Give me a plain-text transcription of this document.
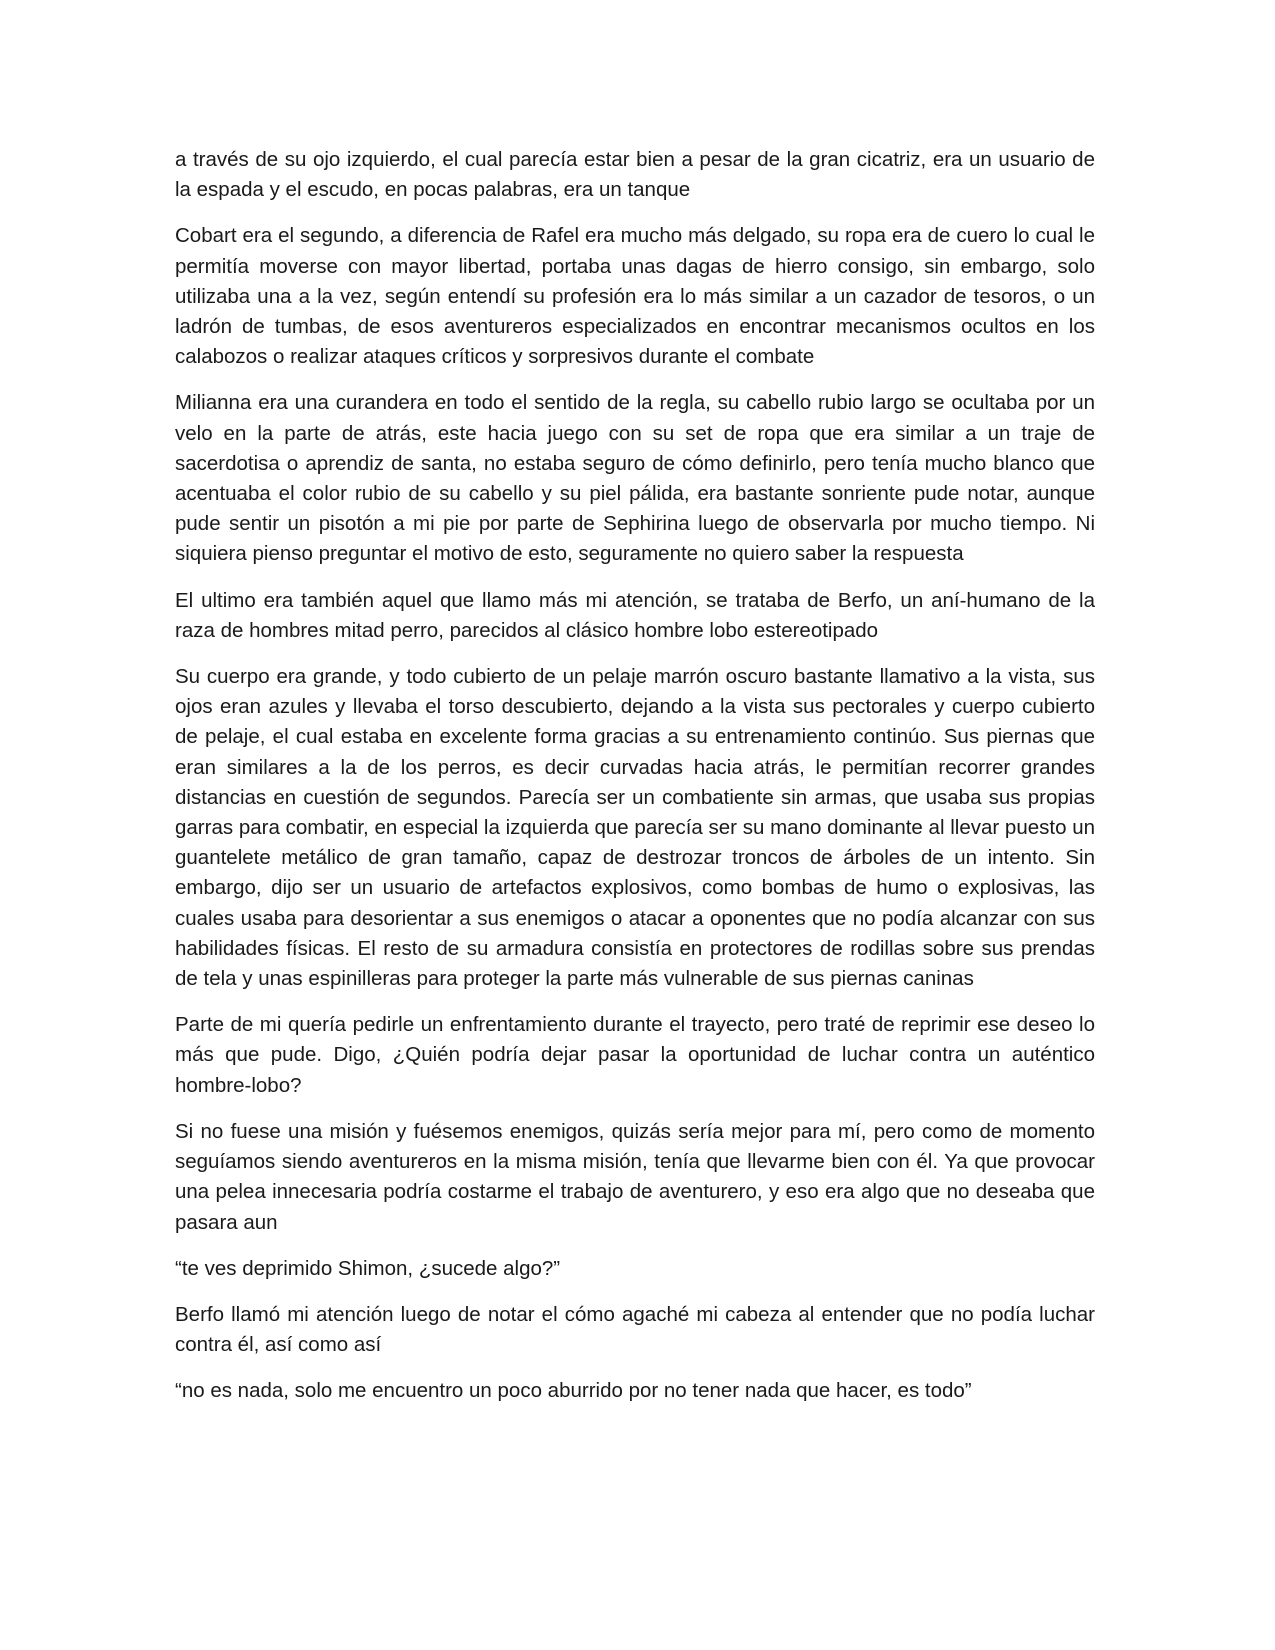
a través de su ojo izquierdo, el cual parecía estar bien a pesar de la gran cicatriz, era un usuario de la espada y el escudo, en pocas palabras, era un tanque

Cobart era el segundo, a diferencia de Rafel era mucho más delgado, su ropa era de cuero lo cual le permitía moverse con mayor libertad, portaba unas dagas de hierro consigo, sin embargo, solo utilizaba una a la vez, según entendí su profesión era lo más similar a un cazador de tesoros, o un ladrón de tumbas, de esos aventureros especializados en encontrar mecanismos ocultos en los calabozos o realizar ataques críticos y sorpresivos durante el combate

Milianna era una curandera en todo el sentido de la regla, su cabello rubio largo se ocultaba por un velo en la parte de atrás, este hacia juego con su set de ropa que era similar a un traje de sacerdotisa o aprendiz de santa, no estaba seguro de cómo definirlo, pero tenía mucho blanco que acentuaba el color rubio de su cabello y su piel pálida, era bastante sonriente pude notar, aunque pude sentir un pisotón a mi pie por parte de Sephirina luego de observarla por mucho tiempo. Ni siquiera pienso preguntar el motivo de esto, seguramente no quiero saber la respuesta

El ultimo era también aquel que llamo más mi atención, se trataba de Berfo, un aní-humano de la raza de hombres mitad perro, parecidos al clásico hombre lobo estereotipado

Su cuerpo era grande, y todo cubierto de un pelaje marrón oscuro bastante llamativo a la vista, sus ojos eran azules y llevaba el torso descubierto, dejando a la vista sus pectorales y cuerpo cubierto de pelaje, el cual estaba en excelente forma gracias a su entrenamiento continúo. Sus piernas que eran similares a la de los perros, es decir curvadas hacia atrás, le permitían recorrer grandes distancias en cuestión de segundos. Parecía ser un combatiente sin armas, que usaba sus propias garras para combatir, en especial la izquierda que parecía ser su mano dominante al llevar puesto un guantelete metálico de gran tamaño, capaz de destrozar troncos de árboles de un intento. Sin embargo, dijo ser un usuario de artefactos explosivos, como bombas de humo o explosivas, las cuales usaba para desorientar a sus enemigos o atacar a oponentes que no podía alcanzar con sus habilidades físicas. El resto de su armadura consistía en protectores de rodillas sobre sus prendas de tela y unas espinilleras para proteger la parte más vulnerable de sus piernas caninas

Parte de mi quería pedirle un enfrentamiento durante el trayecto, pero traté de reprimir ese deseo lo más que pude. Digo, ¿Quién podría dejar pasar la oportunidad de luchar contra un auténtico hombre-lobo?

Si no fuese una misión y fuésemos enemigos, quizás sería mejor para mí, pero como de momento seguíamos siendo aventureros en la misma misión, tenía que llevarme bien con él. Ya que provocar una pelea innecesaria podría costarme el trabajo de aventurero, y eso era algo que no deseaba que pasara aun

“te ves deprimido Shimon, ¿sucede algo?”

Berfo llamó mi atención luego de notar el cómo agaché mi cabeza al entender que no podía luchar contra él, así como así

“no es nada, solo me encuentro un poco aburrido por no tener nada que hacer, es todo”
